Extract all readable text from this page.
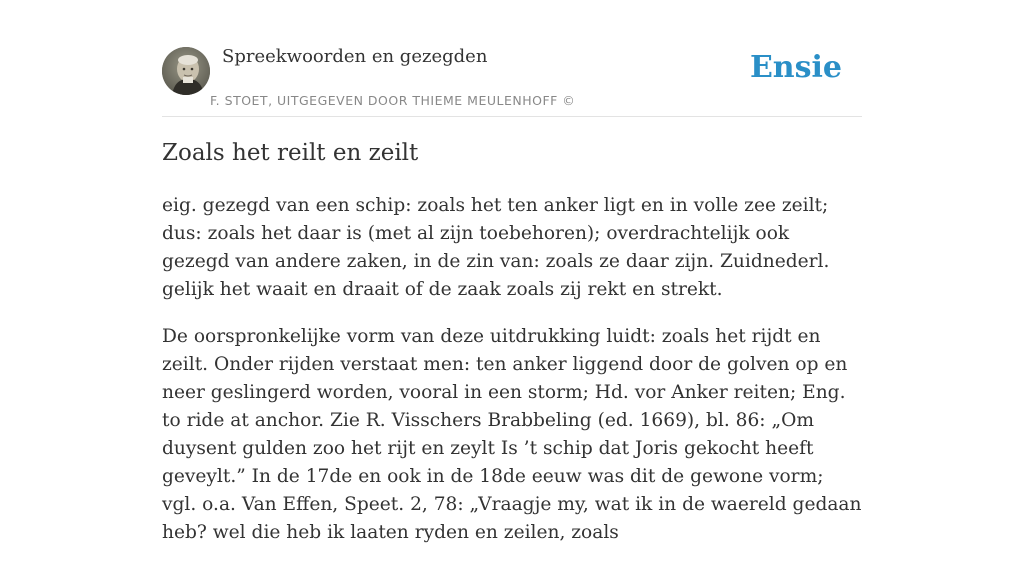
Spreekwoorden en gezegden
F. STOET, UITGEGEVEN DOOR THIEME MEULENHOFF ©
Ensie
Zoals het reilt en zeilt

eig. gezegd van een schip: zoals het ten anker ligt en in volle zee zeilt; dus: zoals het daar is (met al zijn toebehoren); overdrachtelijk ook gezegd van andere zaken, in de zin van: zoals ze daar zijn. Zuidnederl. gelijk het waait en draait of de zaak zoals zij rekt en strekt.

De oorspronkelijke vorm van deze uitdrukking luidt: zoals het rijdt en zeilt. Onder rijden verstaat men: ten anker liggend door de golven op en neer geslingerd worden, vooral in een storm; Hd. vor Anker reiten; Eng. to ride at anchor. Zie R. Visschers Brabbeling (ed. 1669), bl. 86: „Om duysent gulden zoo het rijt en zeylt Is ’t schip dat Joris gekocht heeft geveylt.” In de 17de en ook in de 18de eeuw was dit de gewone vorm; vgl. o.a. Van Effen, Speet. 2, 78: „Vraagje my, wat ik in de waereld gedaan heb? wel die heb ik laaten ryden en zeilen, zoals
